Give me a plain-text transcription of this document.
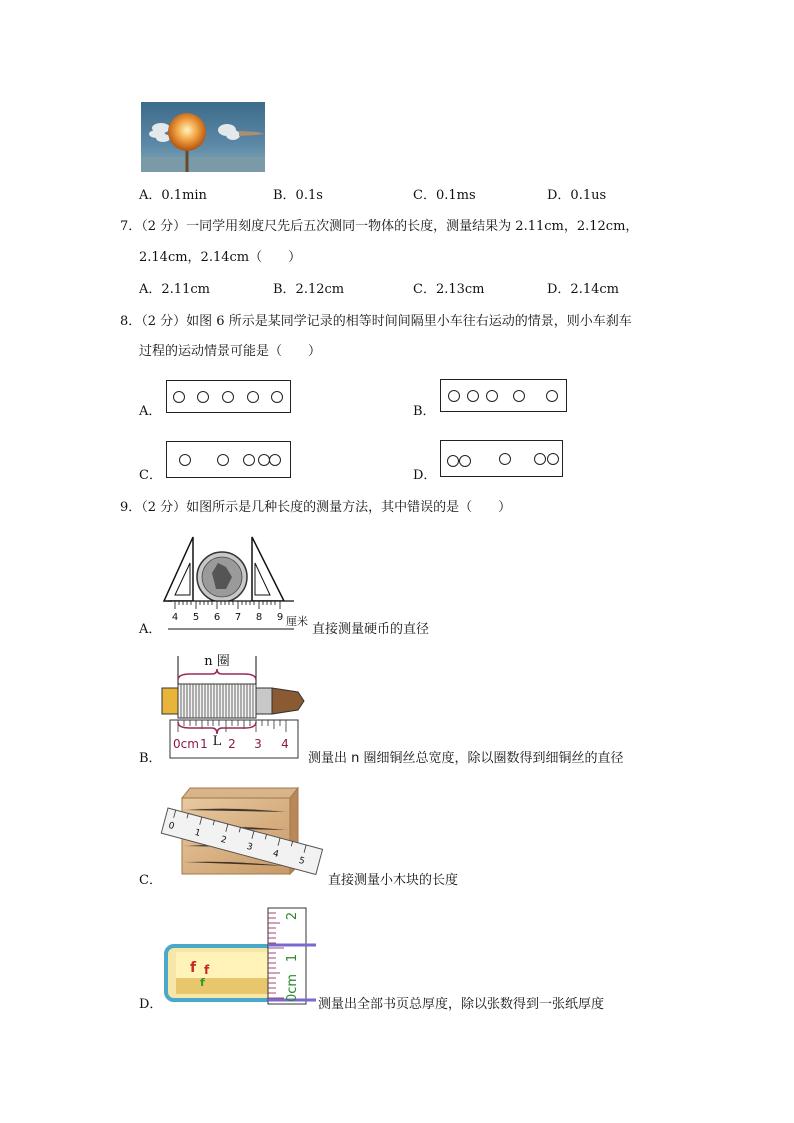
A．0.1min	B．0.1s	C．0.1ms	D．0.1us
7．（2 分）一同学用刻度尺先后五次测同一物体的长度，测量结果为 2.11cm，2.12cm，
2.14cm，2.14cm（　　）
A．2.11cm	B．2.12cm	C．2.13cm	D．2.14cm
8．（2 分）如图 6 所示是某同学记录的相等时间间隔里小车往右运动的情景，则小车刹车
过程的运动情景可能是（　　）
A．	B．
C．	D．
9．（2 分）如图所示是几种长度的测量方法，其中错误的是（　　）
A．
4 5 6 7 8 9 厘米
直接测量硬币的直径
B．
n 圈
L
0cm 1 2 3 4
测量出 n 圈细铜丝总宽度，除以圈数得到细铜丝的直径
C．
0
1
2
3
4
5
直接测量小木块的长度
D．
f f
f	0cm
1
2
测量出全部书页总厚度，除以张数得到一张纸厚度
